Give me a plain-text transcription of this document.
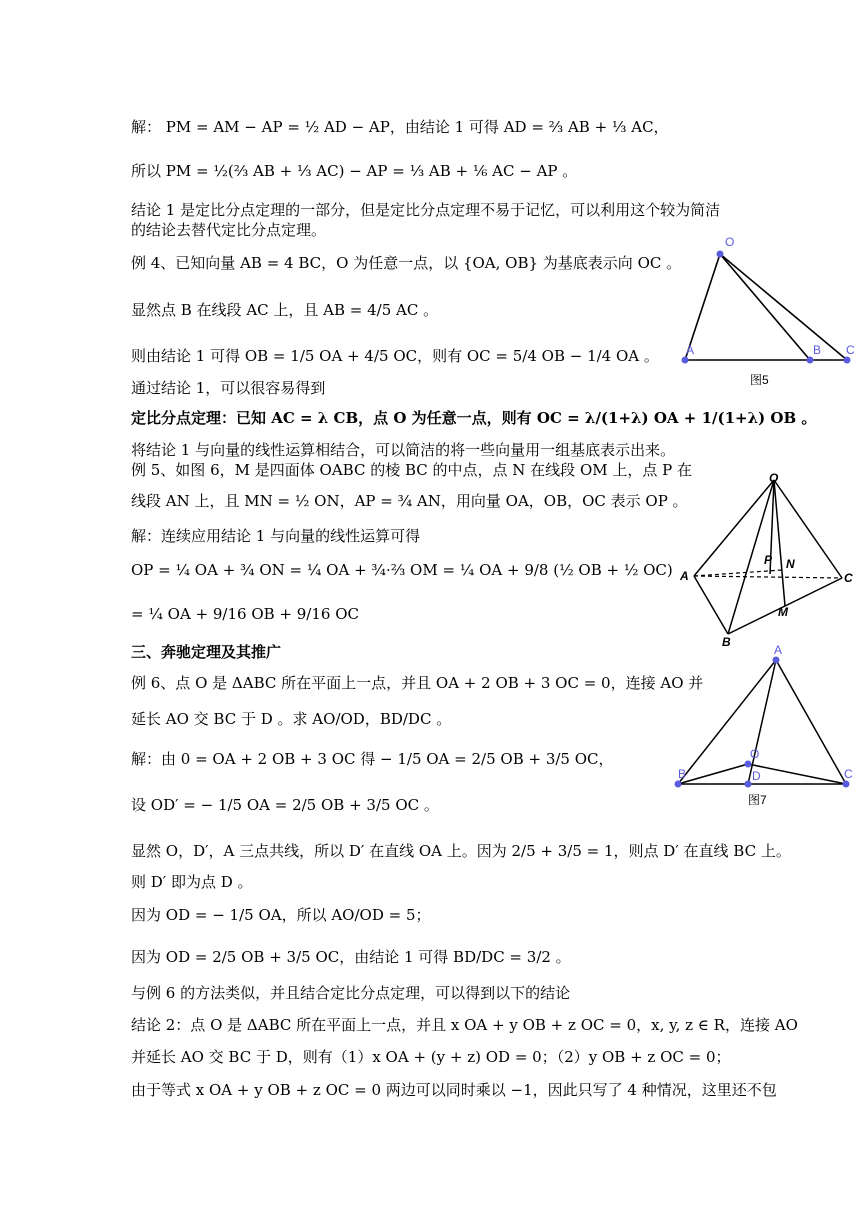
解： PM = AM − AP = ½ AD − AP，由结论 1 可得 AD = ⅔ AB + ⅓ AC，
所以 PM = ½(⅔ AB + ⅓ AC) − AP = ⅓ AB + ⅙ AC − AP 。
结论 1 是定比分点定理的一部分，但是定比分点定理不易于记忆，可以利用这个较为简洁
的结论去替代定比分点定理。
例 4、已知向量 AB = 4 BC，O 为任意一点，以 {OA, OB} 为基底表示向 OC 。
显然点 B 在线段 AC 上，且 AB = 4/5 AC 。
则由结论 1 可得 OB = 1/5 OA + 4/5 OC，则有 OC = 5/4 OB − 1/4 OA 。
通过结论 1，可以很容易得到
定比分点定理：已知 AC = λ CB，点 O 为任意一点，则有 OC = λ/(1+λ) OA + 1/(1+λ) OB 。
将结论 1 与向量的线性运算相结合，可以简洁的将一些向量用一组基底表示出来。
例 5、如图 6，M 是四面体 OABC 的棱 BC 的中点，点 N 在线段 OM 上，点 P 在
线段 AN 上，且 MN = ½ ON，AP = ¾ AN，用向量 OA，OB，OC 表示 OP 。
解：连续应用结论 1 与向量的线性运算可得
OP = ¼ OA + ¾ ON = ¼ OA + ¾·⅔ OM = ¼ OA + 9/8 (½ OB + ½ OC)
= ¼ OA + 9/16 OB + 9/16 OC
三、奔驰定理及其推广
例 6、点 O 是 ΔABC 所在平面上一点，并且 OA + 2 OB + 3 OC = 0，连接 AO 并
延长 AO 交 BC 于 D 。求 AO/OD，BD/DC 。
解：由 0 = OA + 2 OB + 3 OC 得 − 1/5 OA = 2/5 OB + 3/5 OC，
设 OD′ = − 1/5 OA = 2/5 OB + 3/5 OC 。
显然 O，D′，A 三点共线，所以 D′ 在直线 OA 上。因为 2/5 + 3/5 = 1，则点 D′ 在直线 BC 上。
则 D′ 即为点 D 。
因为 OD = − 1/5 OA，所以 AO/OD = 5；
因为 OD = 2/5 OB + 3/5 OC，由结论 1 可得 BD/DC = 3/2 。
与例 6 的方法类似，并且结合定比分点定理，可以得到以下的结论
结论 2：点 O 是 ΔABC 所在平面上一点，并且 x OA + y OB + z OC = 0，x, y, z ∈ R，连接 AO
并延长 AO 交 BC 于 D，则有（1）x OA + (y + z) OD = 0；（2）y OB + z OC = 0；
由于等式 x OA + y OB + z OC = 0 两边可以同时乘以 −1，因此只写了 4 种情况，这里还不包
O
A	B C
图5
O
A
B
C
P N
M
A
O
B	D	C
图7
